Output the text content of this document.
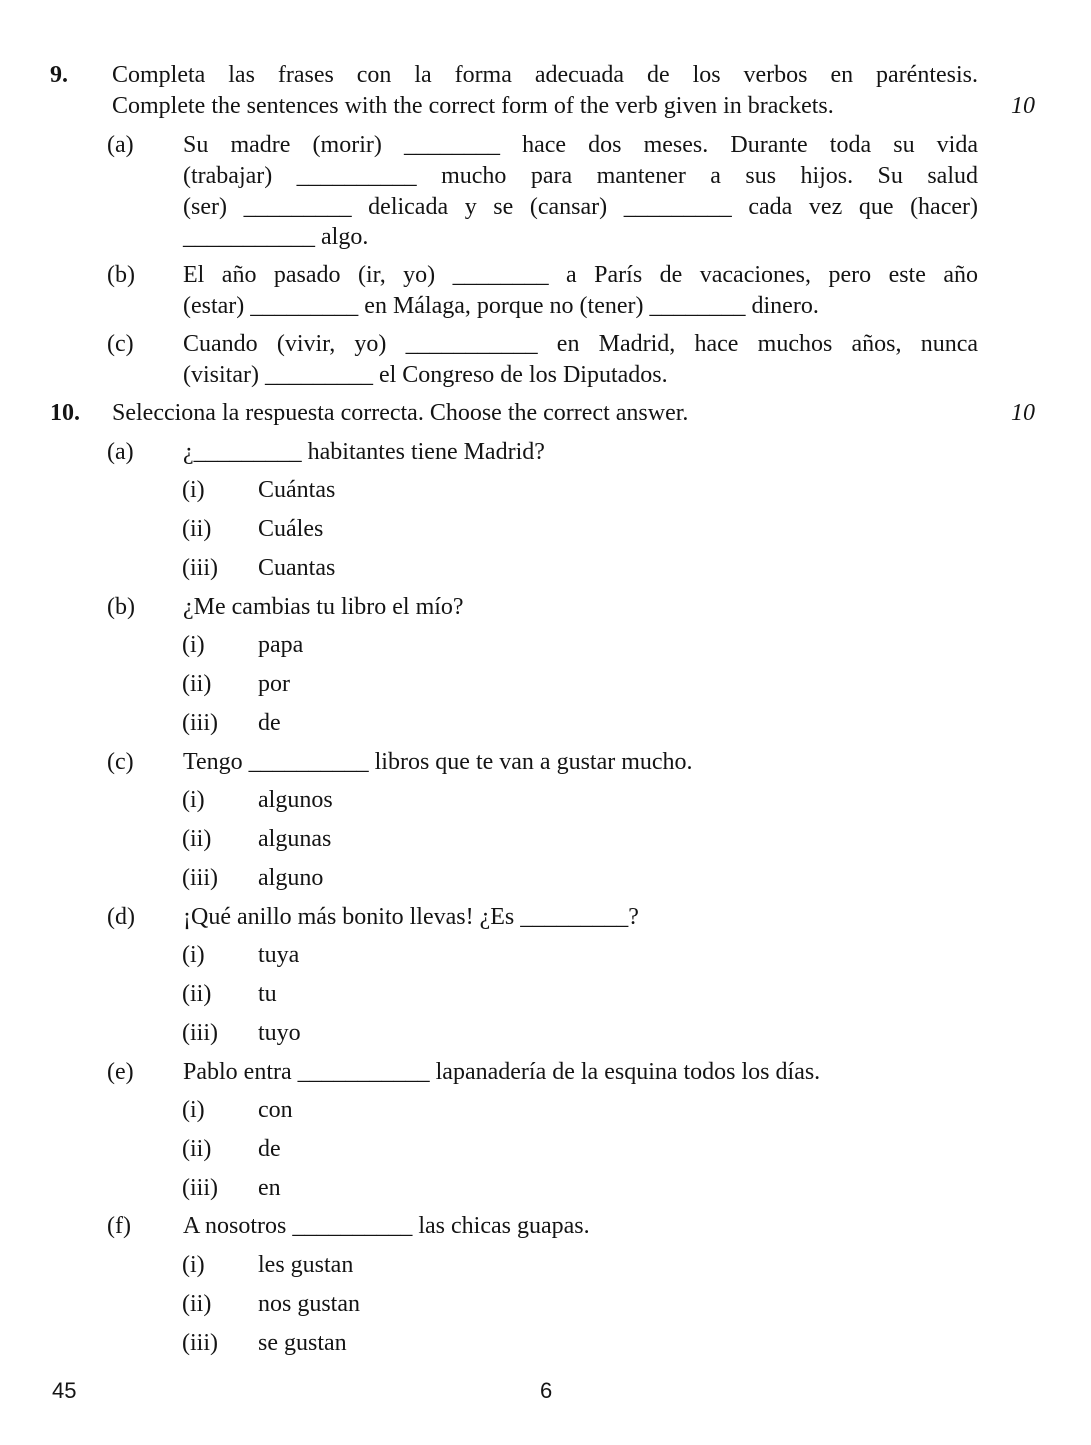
9. Completa las frases con la forma adecuada de los verbos en paréntesis.
Complete the sentences with the correct form of the verb given in brackets.	10
(a) Su madre (morir) ________ hace dos meses. Durante toda su vida
(trabajar) __________ mucho para mantener a sus hijos. Su salud
(ser) _________ delicada y se (cansar) _________ cada vez que (hacer)
___________ algo.
(b) El año pasado (ir, yo) ________ a París de vacaciones, pero este año
(estar) _________ en Málaga, porque no (tener) ________ dinero.
(c) Cuando (vivir, yo) ___________ en Madrid, hace muchos años, nunca
(visitar) _________ el Congreso de los Diputados.
10. Selecciona la respuesta correcta. Choose the correct answer.	10
(a) ¿_________ habitantes tiene Madrid?
(i) Cuántas
(ii) Cuáles
(iii) Cuantas
(b) ¿Me cambias tu libro el mío?
(i) papa
(ii) por
(iii) de
(c) Tengo __________ libros que te van a gustar mucho.
(i) algunos
(ii) algunas
(iii) alguno
(d) ¡Qué anillo más bonito llevas! ¿Es _________?
(i) tuya
(ii) tu
(iii) tuyo
(e) Pablo entra ___________ lapanadería de la esquina todos los días.
(i) con
(ii) de
(iii) en
(f) A nosotros __________ las chicas guapas.
(i) les gustan
(ii) nos gustan
(iii) se gustan
45	6
